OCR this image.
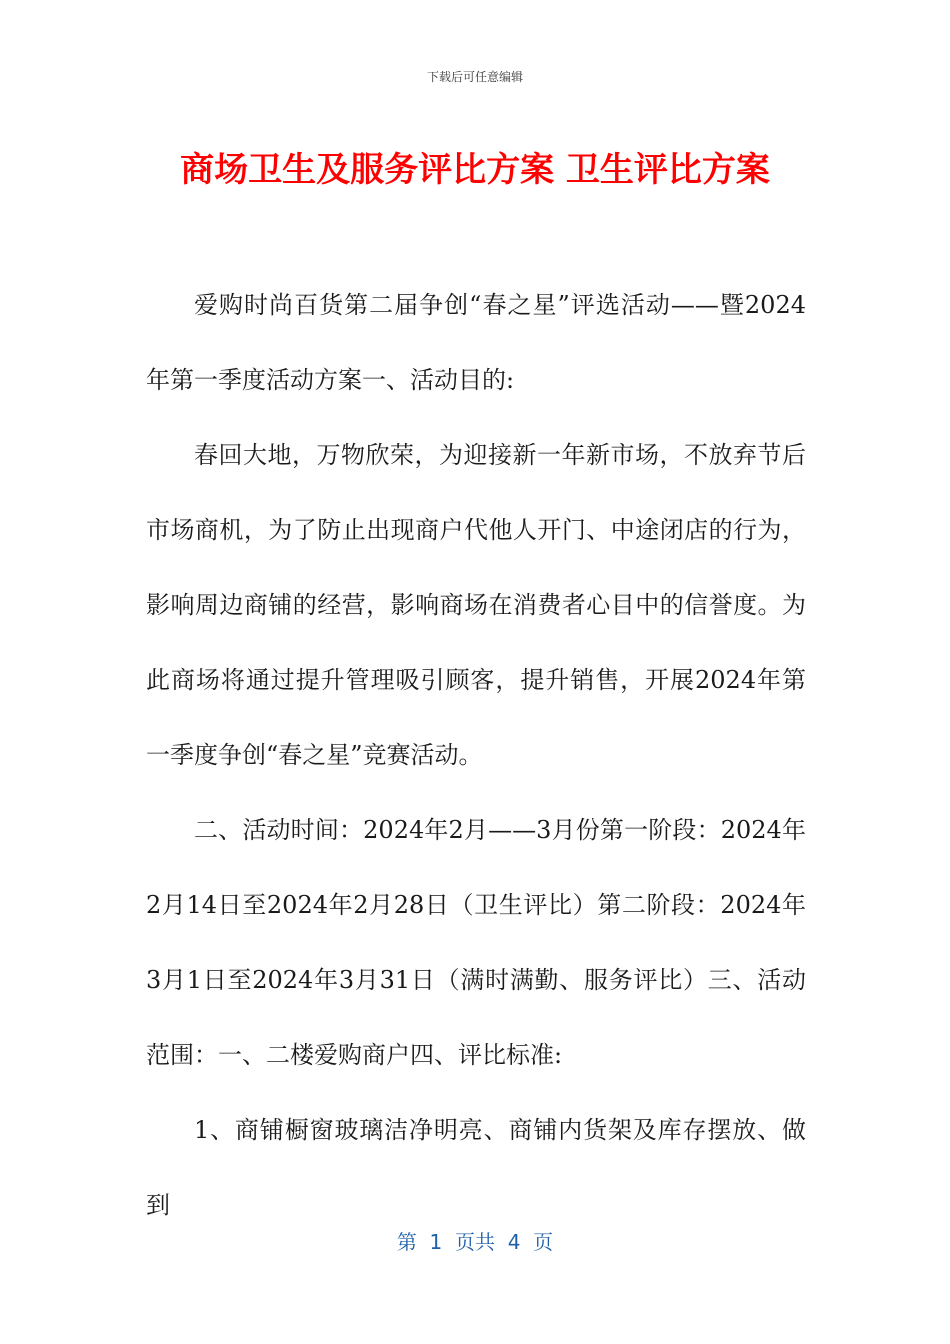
下载后可任意编辑
商场卫生及服务评比方案 卫生评比方案

爱购时尚百货第二届争创“春之星”评选活动——暨2024年第一季度活动方案一、活动目的:

春回大地，万物欣荣，为迎接新一年新市场，不放弃节后市场商机，为了防止出现商户代他人开门、中途闭店的行为，影响周边商铺的经营，影响商场在消费者心目中的信誉度。为此商场将通过提升管理吸引顾客，提升销售，开展2024年第一季度争创“春之星”竞赛活动。

二、活动时间：2024年2月——3月份第一阶段：2024年2月14日至2024年2月28日（卫生评比）第二阶段：2024年3月1日至2024年3月31日（满时满勤、服务评比）三、活动范围：一、二楼爱购商户四、评比标准:

1、商铺橱窗玻璃洁净明亮、商铺内货架及库存摆放、做到

第  1  页共  4  页
